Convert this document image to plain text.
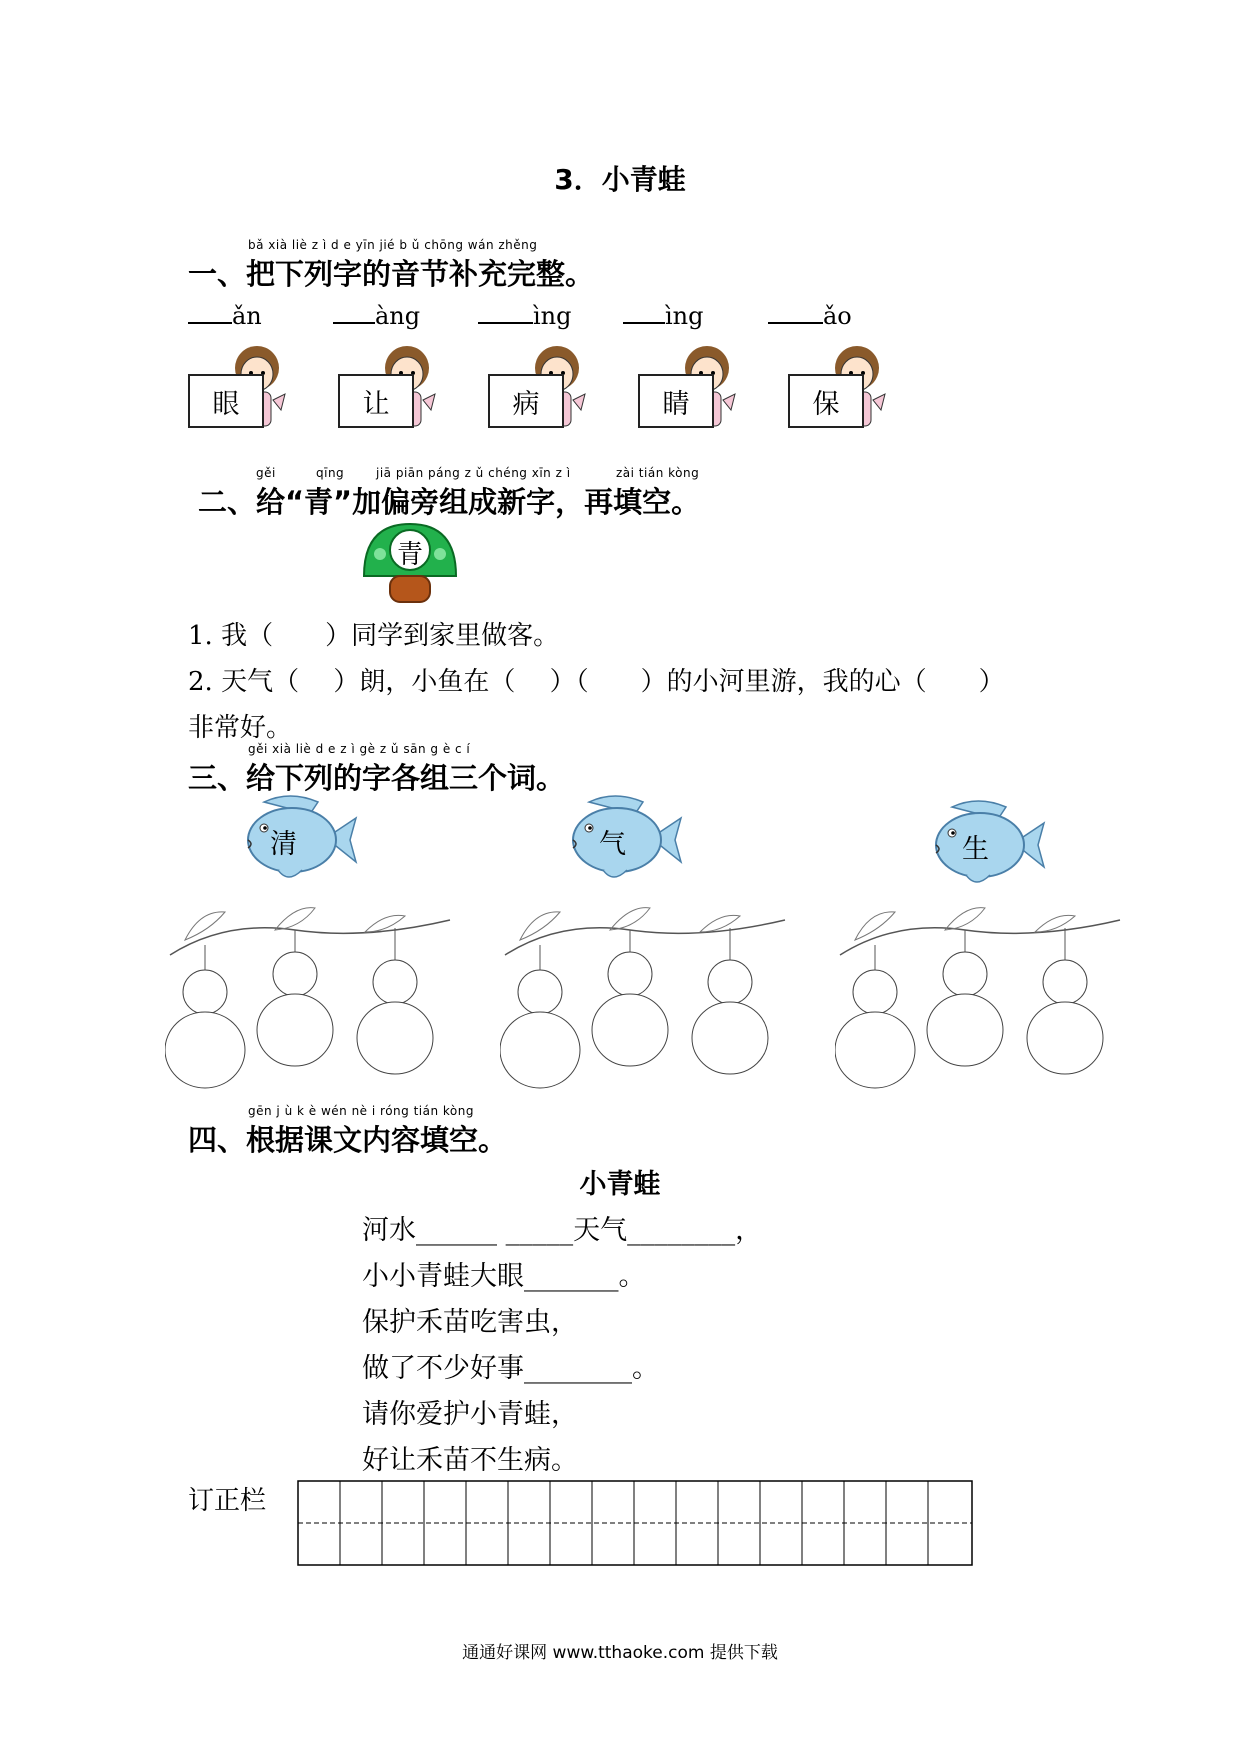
3．小青蛙
bǎ xià liè z ì d e yīn jié b ǔ chōng wán zhěng
一、把下列字的音节补充完整。
ǎn	àng	ìng	ìng	ǎo
眼	让	病	睛	保
gěi	qīng	jiā piān páng z ǔ chéng xīn z ì	zài tián kòng
二、给“青”加偏旁组成新字，再填空。
青
1. 我（　　）同学到家里做客。
2. 天气（　 ）朗，小鱼在（　 ）（　　）的小河里游，我的心（　　）
非常好。
gěi xià liè d e z ì gè z ǔ sān g è c í
三、给下列的字各组三个词。
清	气	生
gēn j ù k è wén nè i róng tián kòng
四、根据课文内容填空。
小青蛙
河水______ _____天气________，
小小青蛙大眼_______。
保护禾苗吃害虫，
做了不少好事________。
请你爱护小青蛙，
好让禾苗不生病。
订正栏
通通好课网 www.tthaoke.com 提供下载
